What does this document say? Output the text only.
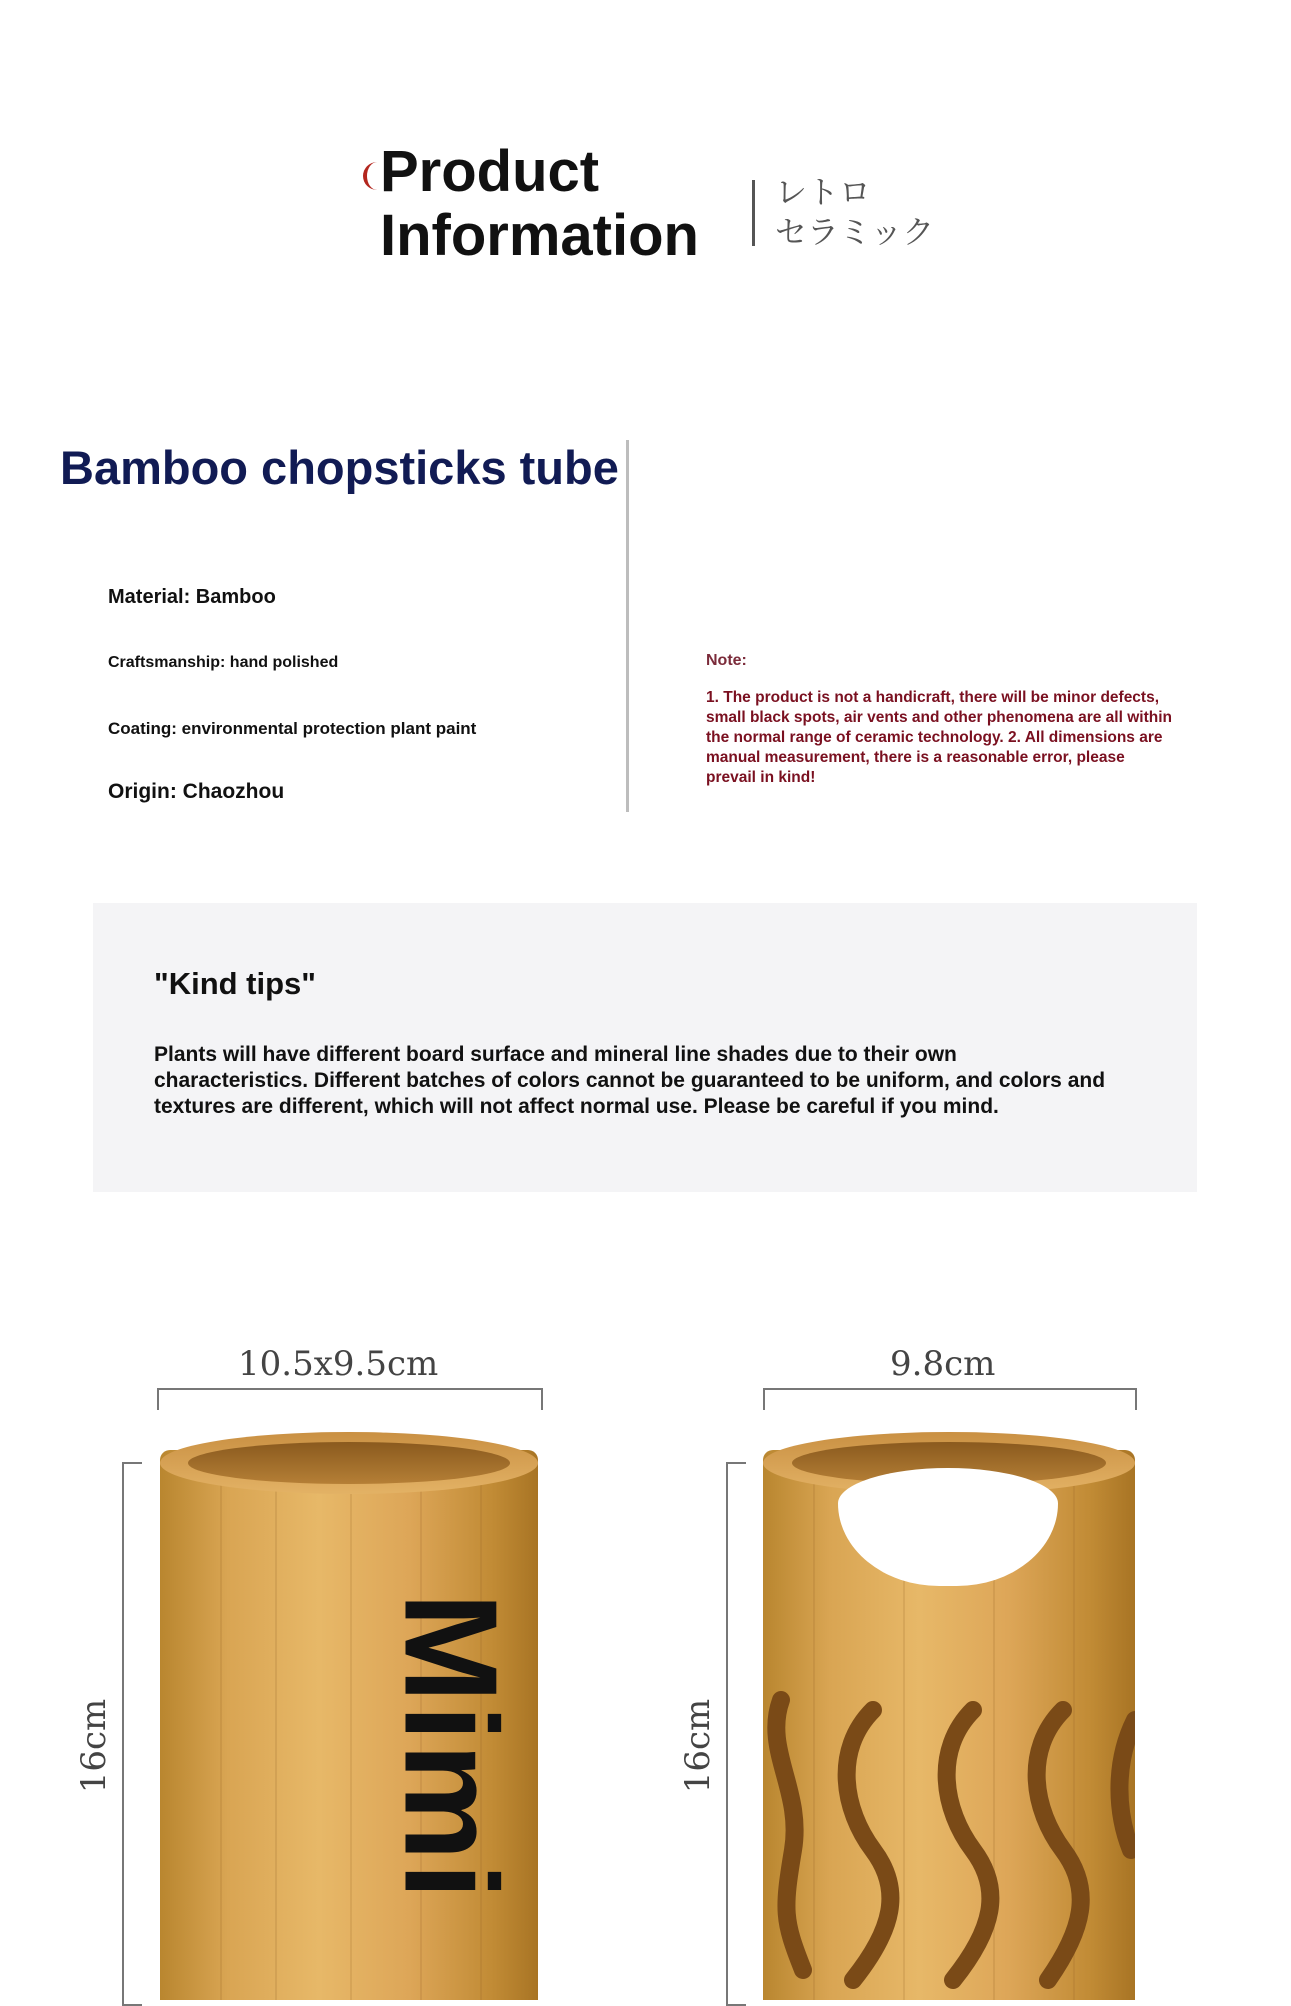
Product
Information
レトロ
セラミック
Bamboo chopsticks tube
Material: Bamboo
Craftsmanship: hand polished
Coating: environmental protection plant paint
Origin: Chaozhou
Note:

1. The product is not a handicraft, there will be minor defects, small black spots, air vents and other phenomena are all within the normal range of ceramic technology. 2. All dimensions are manual measurement, there is a reasonable error, please prevail in kind!

"Kind tips"

Plants will have different board surface and mineral line shades due to their own characteristics. Different batches of colors cannot be guaranteed to be uniform, and colors and textures are different, which will not affect normal use. Please be careful if you mind.

10.5x9.5cm
16cm Mimi
9.8cm
16cm
